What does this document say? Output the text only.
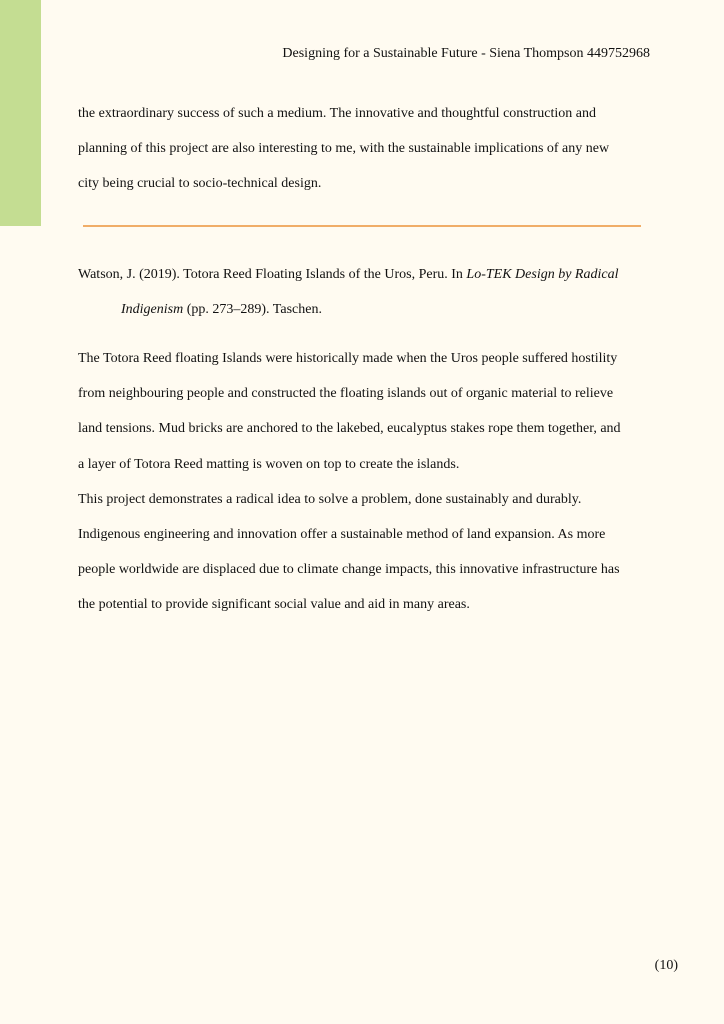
Designing for a Sustainable Future - Siena Thompson 449752968
the extraordinary success of such a medium. The innovative and thoughtful construction and
planning of this project are also interesting to me, with the sustainable implications of any new
city being crucial to socio-technical design.
Watson, J. (2019). Totora Reed Floating Islands of the Uros, Peru. In Lo-TEK Design by Radical
Indigenism (pp. 273–289). Taschen.
The Totora Reed floating Islands were historically made when the Uros people suffered hostility
from neighbouring people and constructed the floating islands out of organic material to relieve
land tensions. Mud bricks are anchored to the lakebed, eucalyptus stakes rope them together, and
a layer of Totora Reed matting is woven on top to create the islands.
This project demonstrates a radical idea to solve a problem, done sustainably and durably.
Indigenous engineering and innovation offer a sustainable method of land expansion. As more
people worldwide are displaced due to climate change impacts, this innovative infrastructure has
the potential to provide significant social value and aid in many areas.
(10)
